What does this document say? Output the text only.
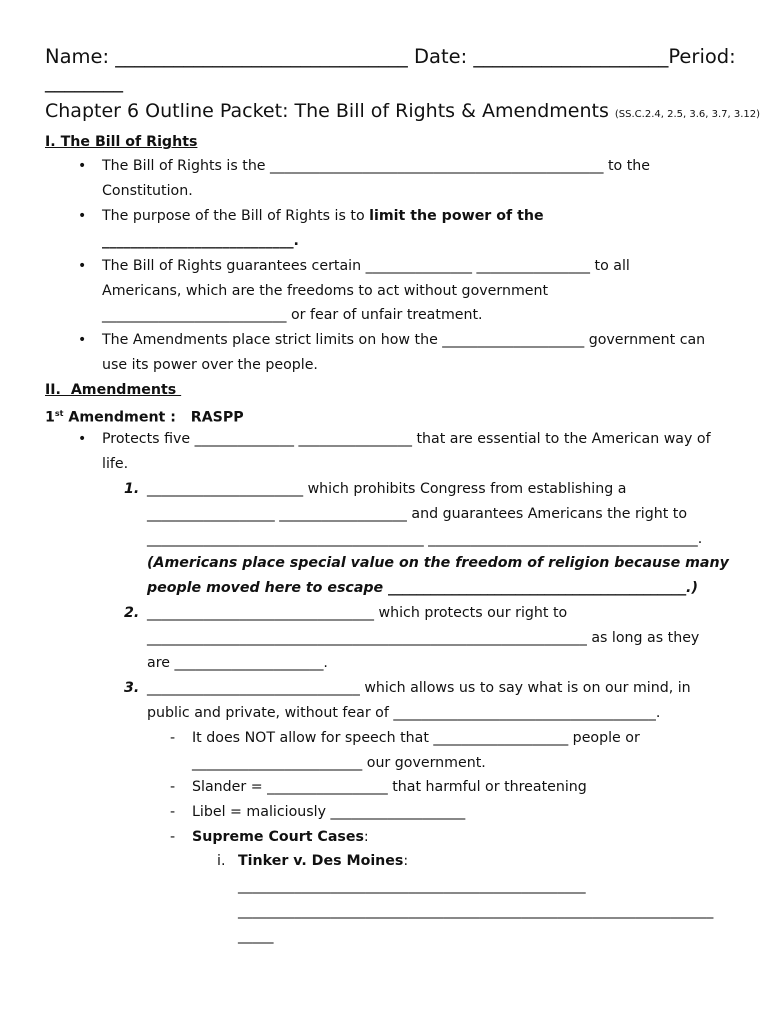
Name: ______________________________ Date: ____________________Period:
________
Chapter 6 Outline Packet: The Bill of Rights & Amendments (SS.C.2.4, 2.5, 3.6, 3.7, 3.12)
I. The Bill of Rights
• The Bill of Rights is the _______________________________________________ to the
Constitution.
• The purpose of the Bill of Rights is to limit the power of the
___________________________.
• The Bill of Rights guarantees certain _______________ ________________ to all
Americans, which are the freedoms to act without government
__________________________ or fear of unfair treatment.
• The Amendments place strict limits on how the ____________________ government can
use its power over the people.
II.  Amendments
1st Amendment :   RASPP
• Protects five ______________ ________________ that are essential to the American way of
life.
1. ______________________ which prohibits Congress from establishing a
__________________ __________________ and guarantees Americans the right to
_______________________________________ ______________________________________.
(Americans place special value on the freedom of religion because many
people moved here to escape __________________________________________.)
2. ________________________________ which protects our right to
______________________________________________________________ as long as they
are _____________________.
3. ______________________________ which allows us to say what is on our mind, in
public and private, without fear of _____________________________________.
- It does NOT allow for speech that ___________________ people or
________________________ our government.
- Slander = _________________ that harmful or threatening
- Libel = maliciously ___________________
- Supreme Court Cases:
i. Tinker v. Des Moines:
_________________________________________________
___________________________________________________________________
_____
